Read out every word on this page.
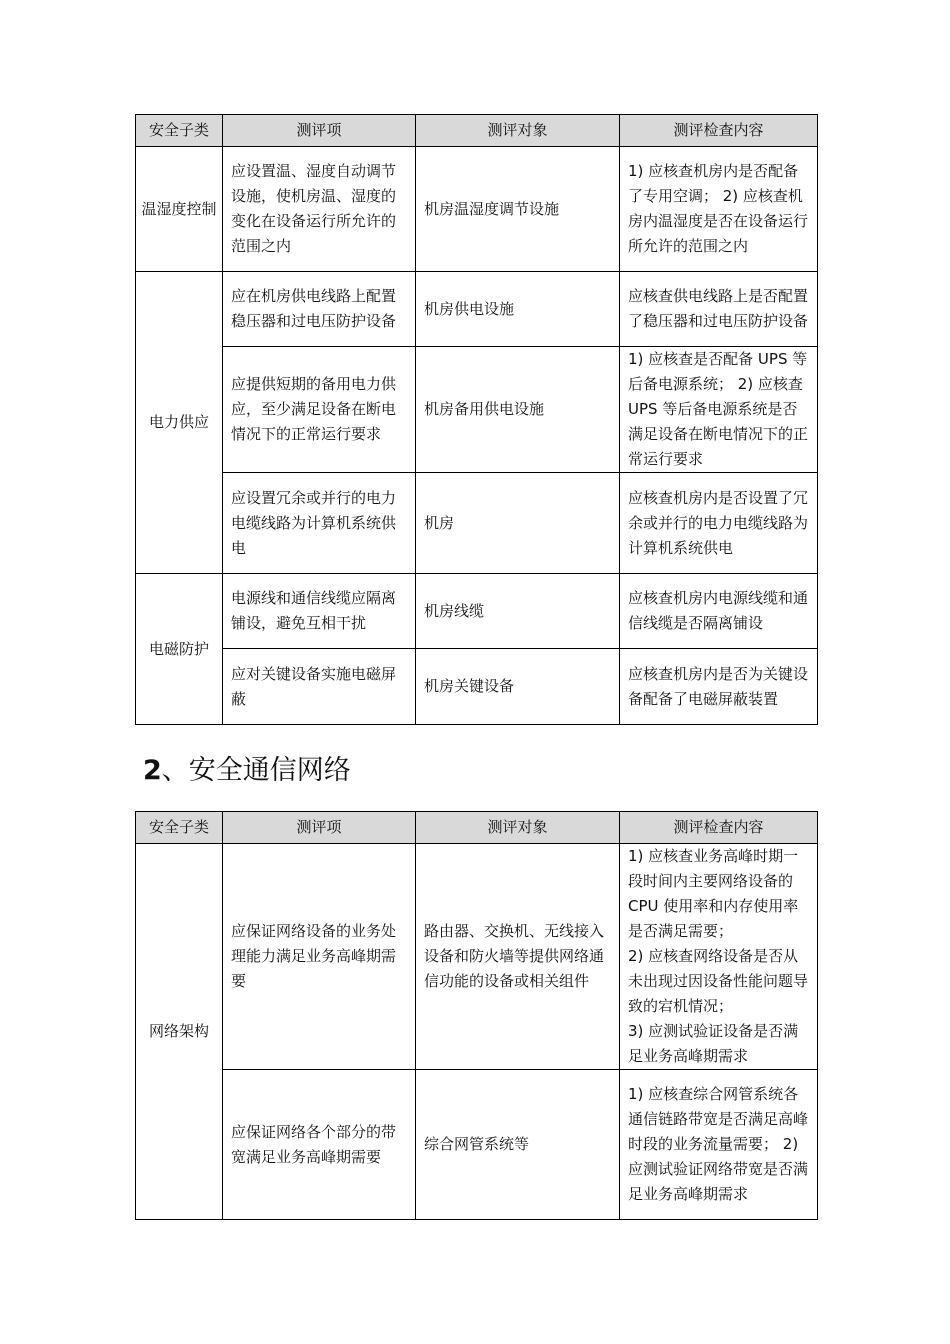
安全子类	测评项	测评对象	测评检查内容
温湿度控制	应设置温、湿度自动调节设施，使机房温、湿度的变化在设备运行所允许的范围之内	机房温湿度调节设施	1) 应核查机房内是否配备了专用空调； 2) 应核查机房内温湿度是否在设备运行所允许的范围之内
电力供应	应在机房供电线路上配置稳压器和过电压防护设备	机房供电设施	应核查供电线路上是否配置了稳压器和过电压防护设备
	应提供短期的备用电力供应，至少满足设备在断电情况下的正常运行要求	机房备用供电设施	1) 应核查是否配备 UPS 等后备电源系统； 2) 应核查 UPS 等后备电源系统是否满足设备在断电情况下的正常运行要求
	应设置冗余或并行的电力电缆线路为计算机系统供电	机房	应核查机房内是否设置了冗余或并行的电力电缆线路为计算机系统供电
电磁防护	电源线和通信线缆应隔离铺设，避免互相干扰	机房线缆	应核查机房内电源线缆和通信线缆是否隔离铺设
	应对关键设备实施电磁屏蔽	机房关键设备	应核查机房内是否为关键设备配备了电磁屏蔽装置
2、安全通信网络
安全子类	测评项	测评对象	测评检查内容
网络架构	应保证网络设备的业务处理能力满足业务高峰期需要	路由器、交换机、无线接入设备和防火墙等提供网络通信功能的设备或相关组件	1) 应核查业务高峰时期一段时间内主要网络设备的 CPU 使用率和内存使用率是否满足需要；
2) 应核查网络设备是否从未出现过因设备性能问题导致的宕机情况；
3) 应测试验证设备是否满足业务高峰期需求
	应保证网络各个部分的带宽满足业务高峰期需要	综合网管系统等	1) 应核查综合网管系统各通信链路带宽是否满足高峰时段的业务流量需要； 2) 应测试验证网络带宽是否满足业务高峰期需求
